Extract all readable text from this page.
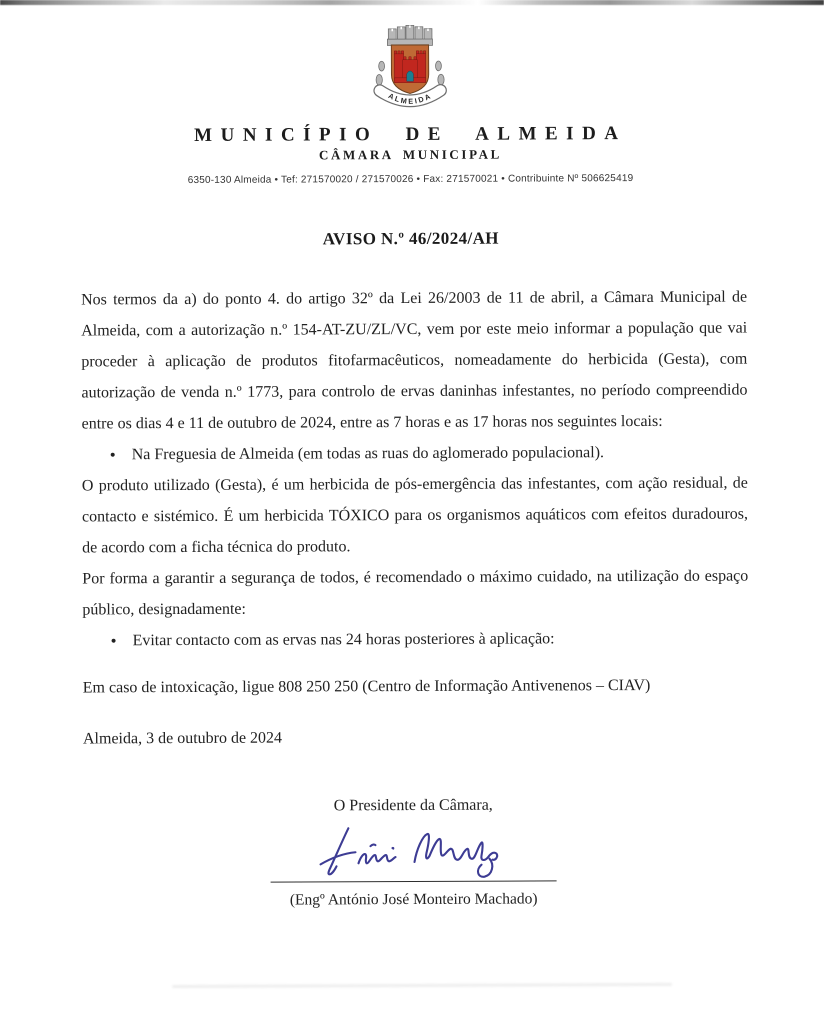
ALMEIDA
MUNICÍPIO DE ALMEIDA
CÂMARA MUNICIPAL
6350-130 Almeida • Tef: 271570020 / 271570026 • Fax: 271570021 • Contribuinte Nº 506625419
AVISO N.º 46/2024/AH

Nos termos da a) do ponto 4. do artigo 32º da Lei 26/2003 de 11 de abril, a Câmara Municipal de Almeida, com a autorização n.º 154-AT-ZU/ZL/VC, vem por este meio informar a população que vai proceder à aplicação de produtos fitofarmacêuticos, nomeadamente do herbicida (Gesta), com autorização de venda n.º 1773, para controlo de ervas daninhas infestantes, no período compreendido entre os dias 4 e 11 de outubro de 2024, entre as 7 horas e as 17 horas nos seguintes locais:

• Na Freguesia de Almeida (em todas as ruas do aglomerado populacional).

O produto utilizado (Gesta), é um herbicida de pós-emergência das infestantes, com ação residual, de contacto e sistémico. É um herbicida TÓXICO para os organismos aquáticos com efeitos duradouros, de acordo com a ficha técnica do produto.

Por forma a garantir a segurança de todos, é recomendado o máximo cuidado, na utilização do espaço público, designadamente:

• Evitar contacto com as ervas nas 24 horas posteriores à aplicação:

Em caso de intoxicação, ligue 808 250 250 (Centro de Informação Antivenenos – CIAV)

Almeida, 3 de outubro de 2024

O Presidente da Câmara,
(Engº António José Monteiro Machado)
